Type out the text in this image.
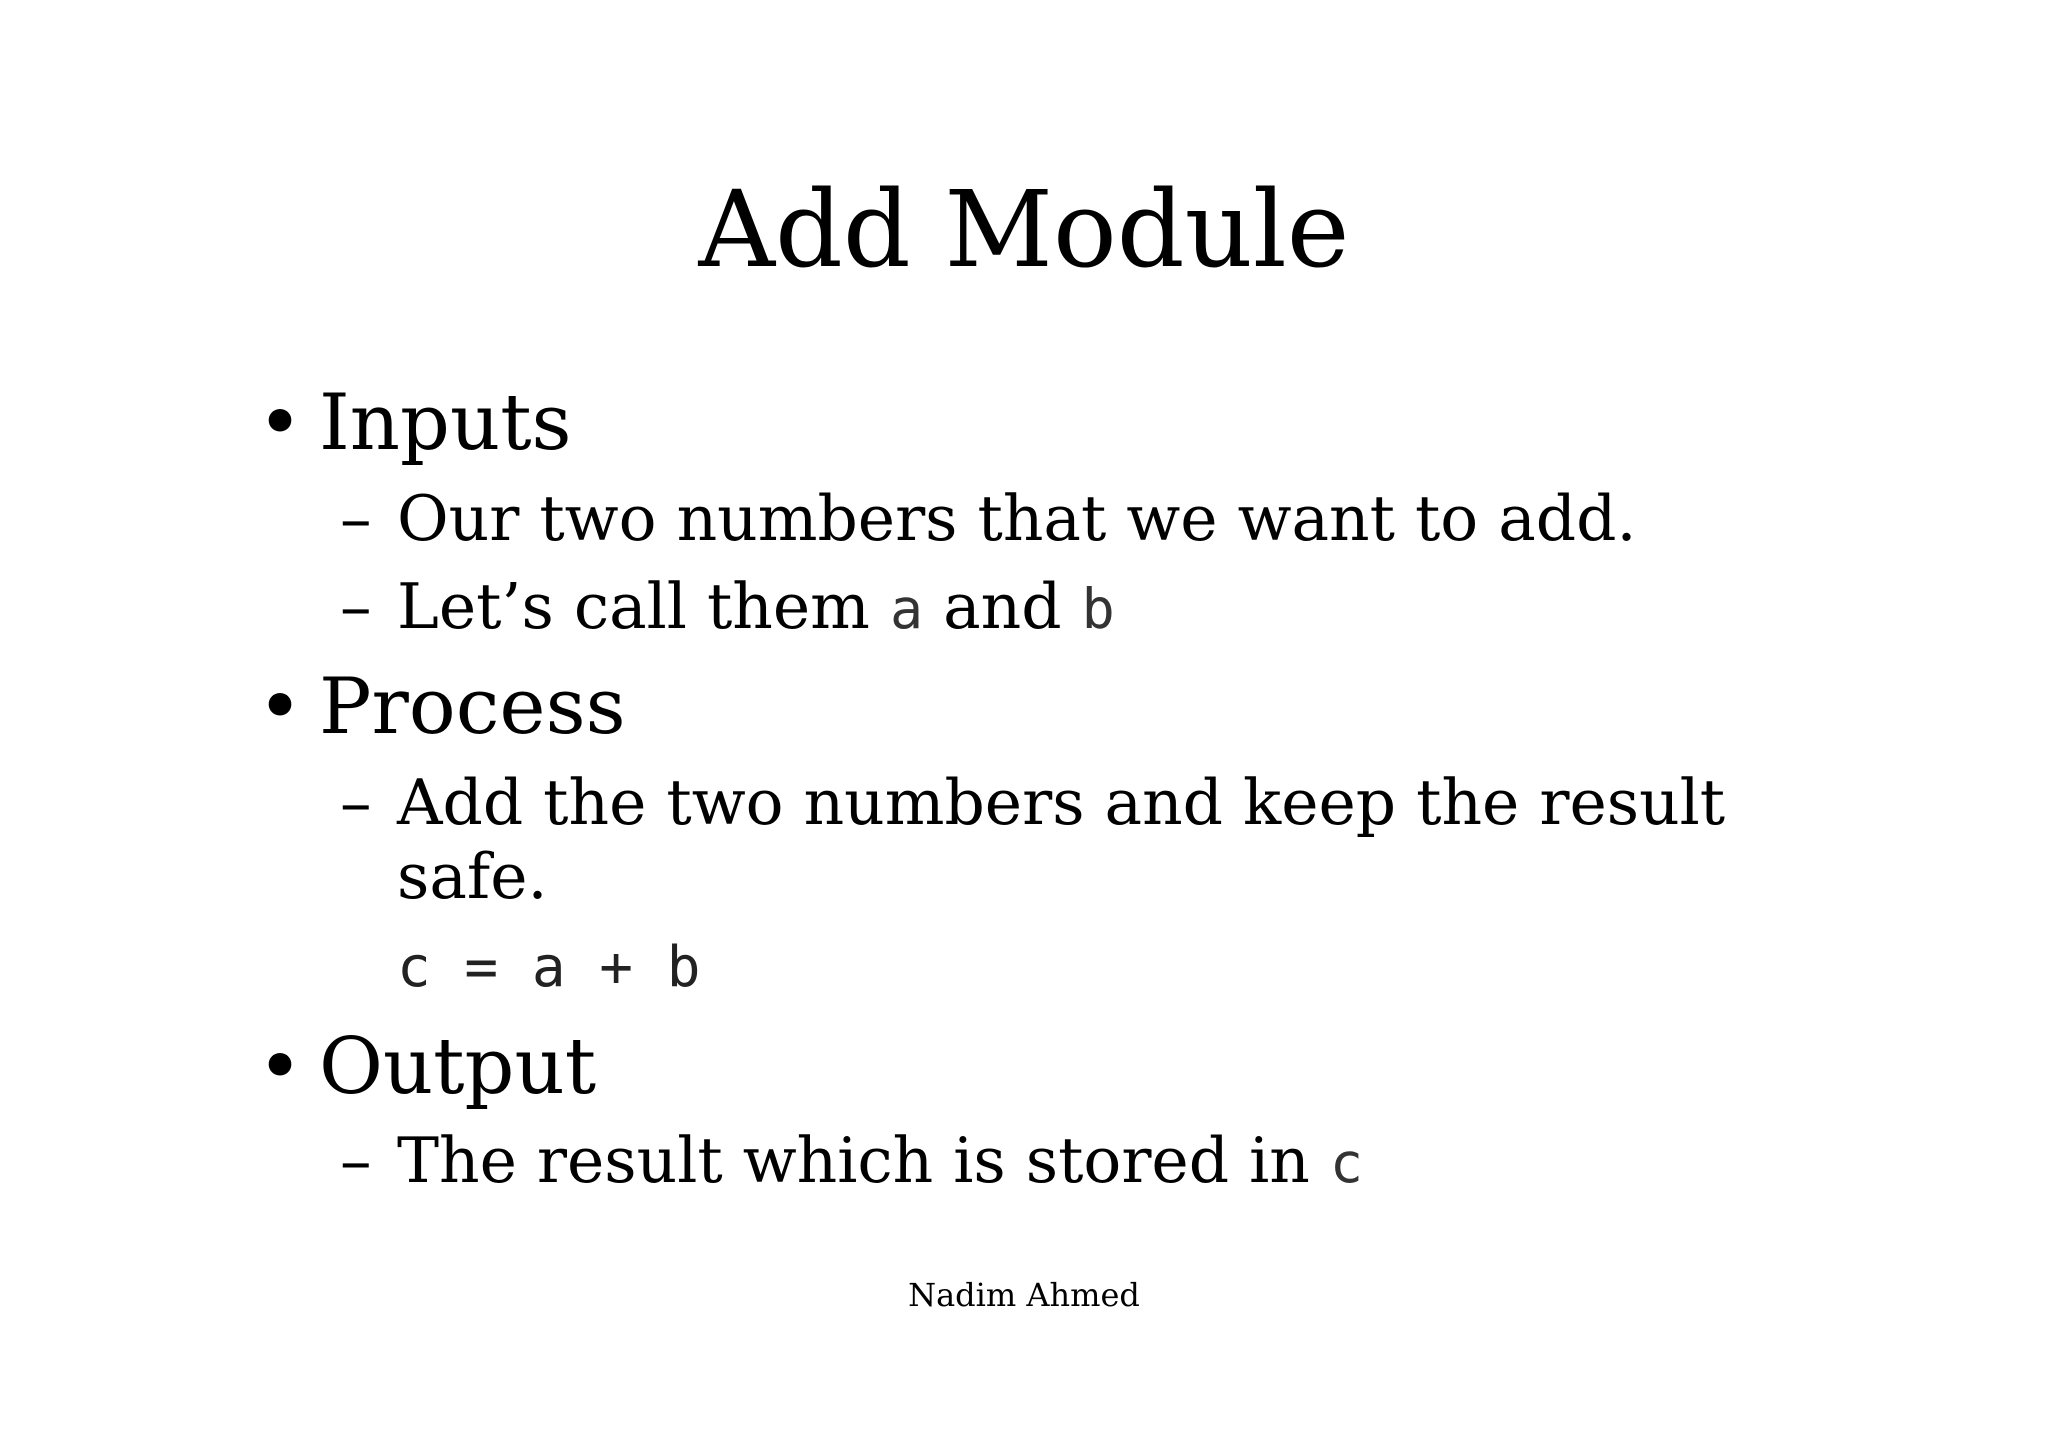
Add Module
• Inputs
– Our two numbers that we want to add.
– Let’s call them a and b
• Process
– Add the two numbers and keep the result safe.
c = a + b
• Output
– The result which is stored in c
Nadim Ahmed
